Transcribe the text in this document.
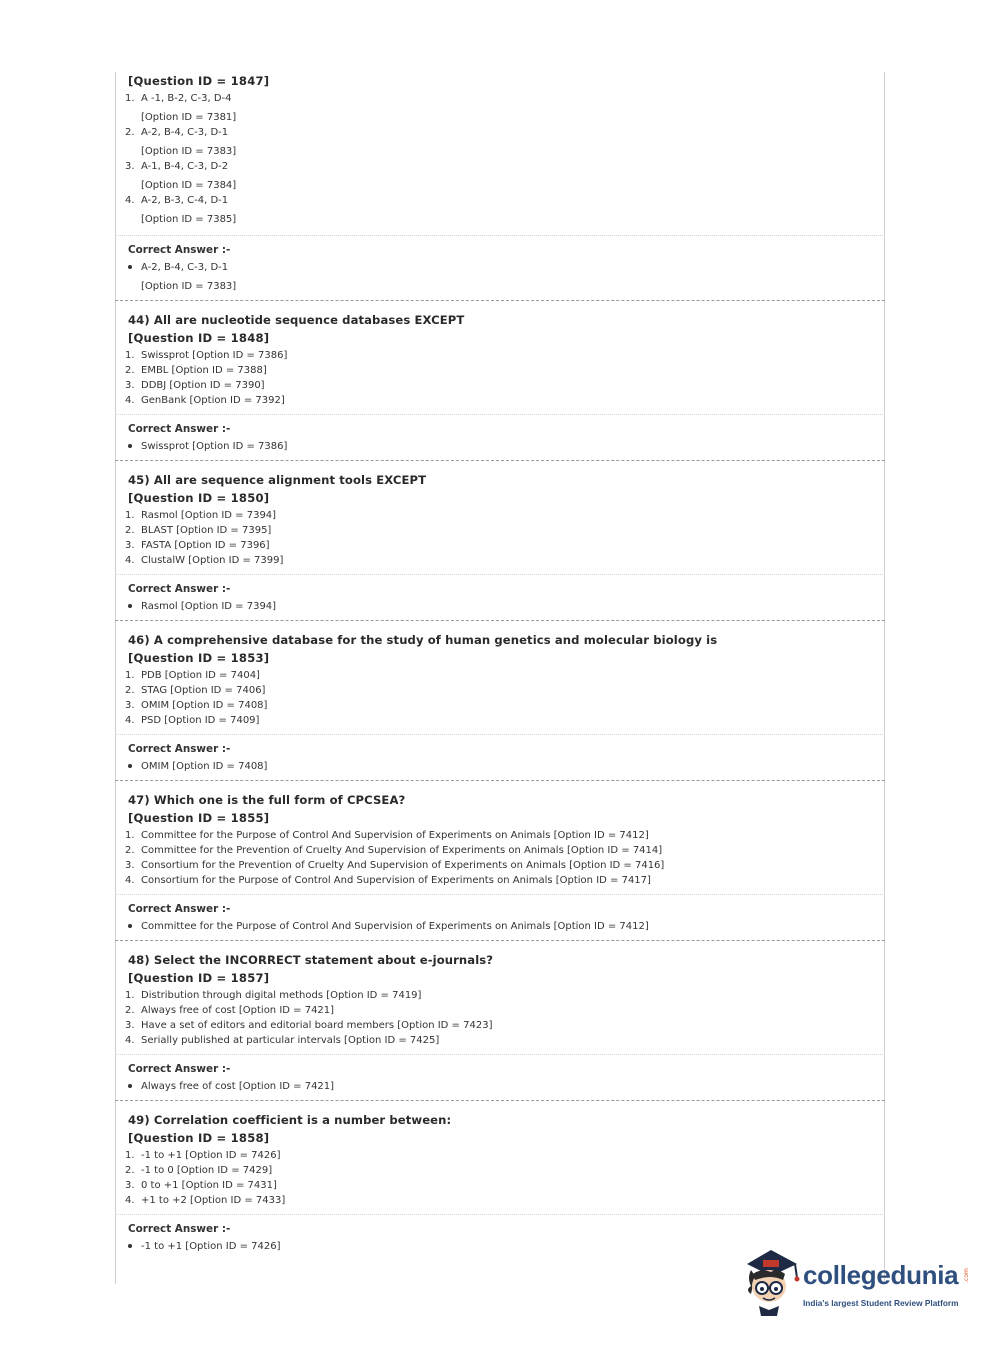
[Question ID = 1847]
1. A -1, B-2, C-3, D-4
[Option ID = 7381]
2. A-2, B-4, C-3, D-1
[Option ID = 7383]
3. A-1, B-4, C-3, D-2
[Option ID = 7384]
4. A-2, B-3, C-4, D-1
[Option ID = 7385]
Correct Answer :-
A-2, B-4, C-3, D-1
[Option ID = 7383]
44) All are nucleotide sequence databases EXCEPT
[Question ID = 1848]
1. Swissprot [Option ID = 7386]
2. EMBL [Option ID = 7388]
3. DDBJ [Option ID = 7390]
4. GenBank [Option ID = 7392]
Correct Answer :-
Swissprot [Option ID = 7386]
45) All are sequence alignment tools EXCEPT
[Question ID = 1850]
1. Rasmol [Option ID = 7394]
2. BLAST [Option ID = 7395]
3. FASTA [Option ID = 7396]
4. ClustalW [Option ID = 7399]
Correct Answer :-
Rasmol [Option ID = 7394]
46) A comprehensive database for the study of human genetics and molecular biology is
[Question ID = 1853]
1. PDB [Option ID = 7404]
2. STAG [Option ID = 7406]
3. OMIM [Option ID = 7408]
4. PSD [Option ID = 7409]
Correct Answer :-
OMIM [Option ID = 7408]
47) Which one is the full form of CPCSEA?
[Question ID = 1855]
1. Committee for the Purpose of Control And Supervision of Experiments on Animals [Option ID = 7412]
2. Committee for the Prevention of Cruelty And Supervision of Experiments on Animals [Option ID = 7414]
3. Consortium for the Prevention of Cruelty And Supervision of Experiments on Animals [Option ID = 7416]
4. Consortium for the Purpose of Control And Supervision of Experiments on Animals [Option ID = 7417]
Correct Answer :-
Committee for the Purpose of Control And Supervision of Experiments on Animals [Option ID = 7412]
48) Select the INCORRECT statement about e-journals?
[Question ID = 1857]
1. Distribution through digital methods [Option ID = 7419]
2. Always free of cost [Option ID = 7421]
3. Have a set of editors and editorial board members [Option ID = 7423]
4. Serially published at particular intervals [Option ID = 7425]
Correct Answer :-
Always free of cost [Option ID = 7421]
49) Correlation coefficient is a number between:
[Question ID = 1858]
1. -1 to +1 [Option ID = 7426]
2. -1 to 0 [Option ID = 7429]
3. 0 to +1 [Option ID = 7431]
4. +1 to +2 [Option ID = 7433]
Correct Answer :-
-1 to +1 [Option ID = 7426]
collegedunia .com
India's largest Student Review Platform
